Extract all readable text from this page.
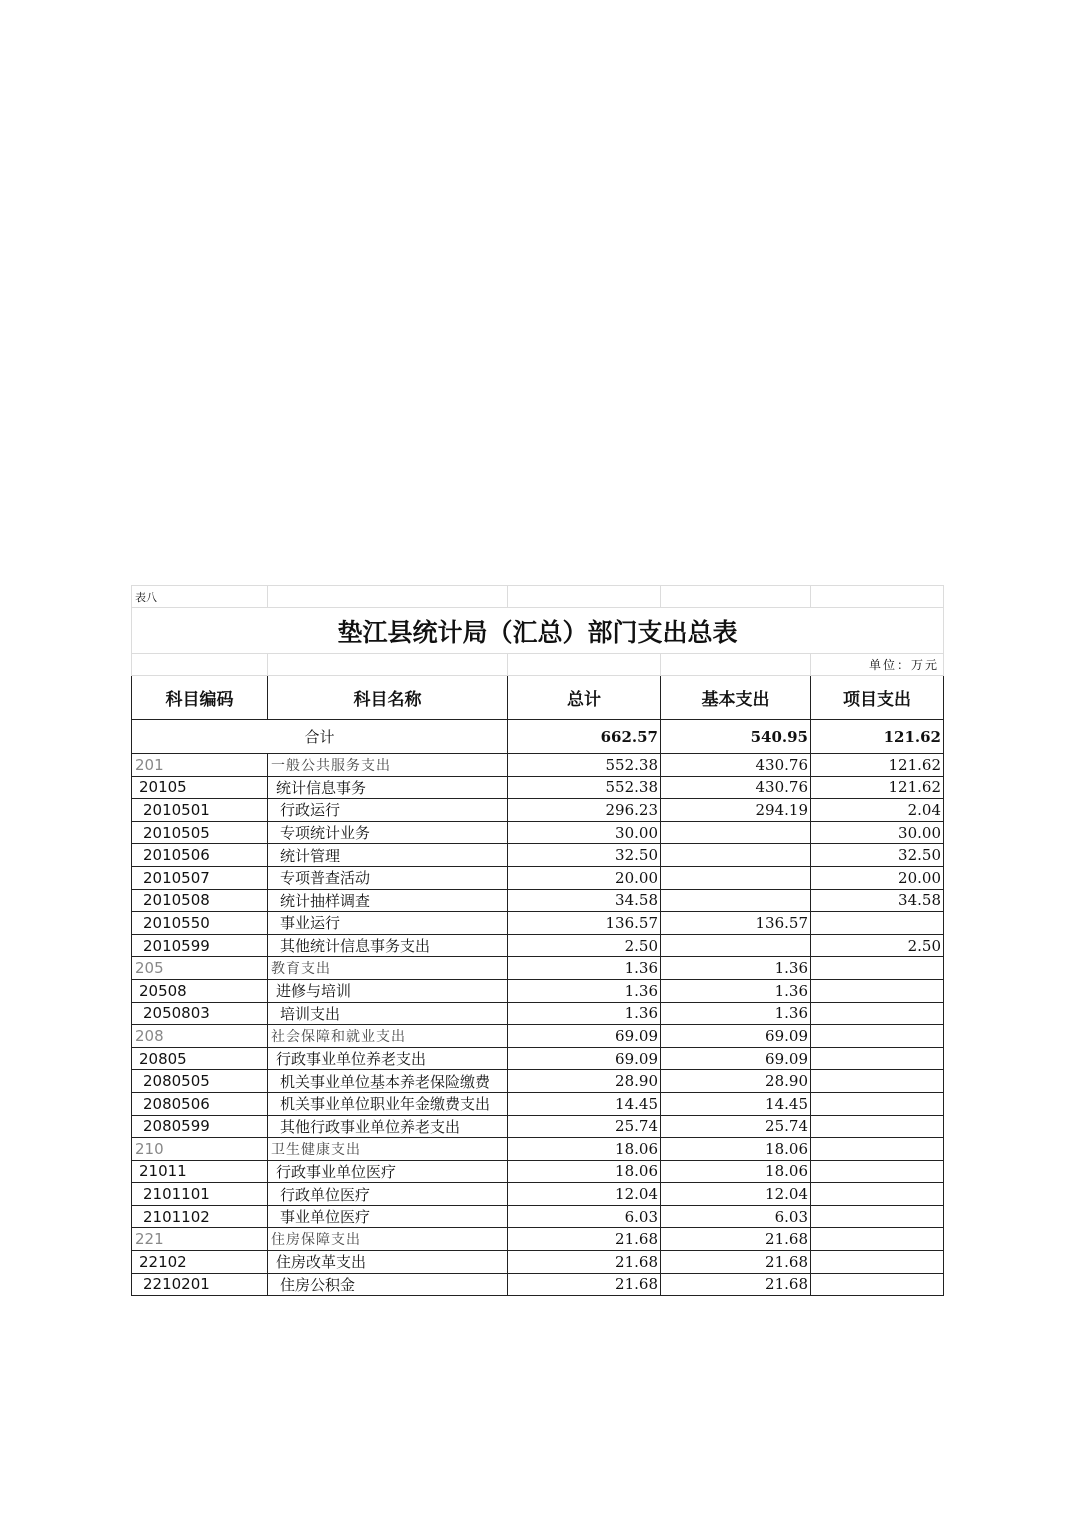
表八				
垫江县统计局（汇总）部门支出总表				
				单位：万元
科目编码	科目名称	总计	基本支出	项目支出
合计		662.57	540.95	121.62
201	一般公共服务支出	552.38	430.76	121.62
20105	统计信息事务	552.38	430.76	121.62
2010501	行政运行	296.23	294.19	2.04
2010505	专项统计业务	30.00		30.00
2010506	统计管理	32.50		32.50
2010507	专项普查活动	20.00		20.00
2010508	统计抽样调查	34.58		34.58
2010550	事业运行	136.57	136.57	
2010599	其他统计信息事务支出	2.50		2.50
205	教育支出	1.36	1.36	
20508	进修与培训	1.36	1.36	
2050803	培训支出	1.36	1.36	
208	社会保障和就业支出	69.09	69.09	
20805	行政事业单位养老支出	69.09	69.09	
2080505	机关事业单位基本养老保险缴费	28.90	28.90	
2080506	机关事业单位职业年金缴费支出	14.45	14.45	
2080599	其他行政事业单位养老支出	25.74	25.74	
210	卫生健康支出	18.06	18.06	
21011	行政事业单位医疗	18.06	18.06	
2101101	行政单位医疗	12.04	12.04	
2101102	事业单位医疗	6.03	6.03	
221	住房保障支出	21.68	21.68	
22102	住房改革支出	21.68	21.68	
2210201	住房公积金	21.68	21.68	
